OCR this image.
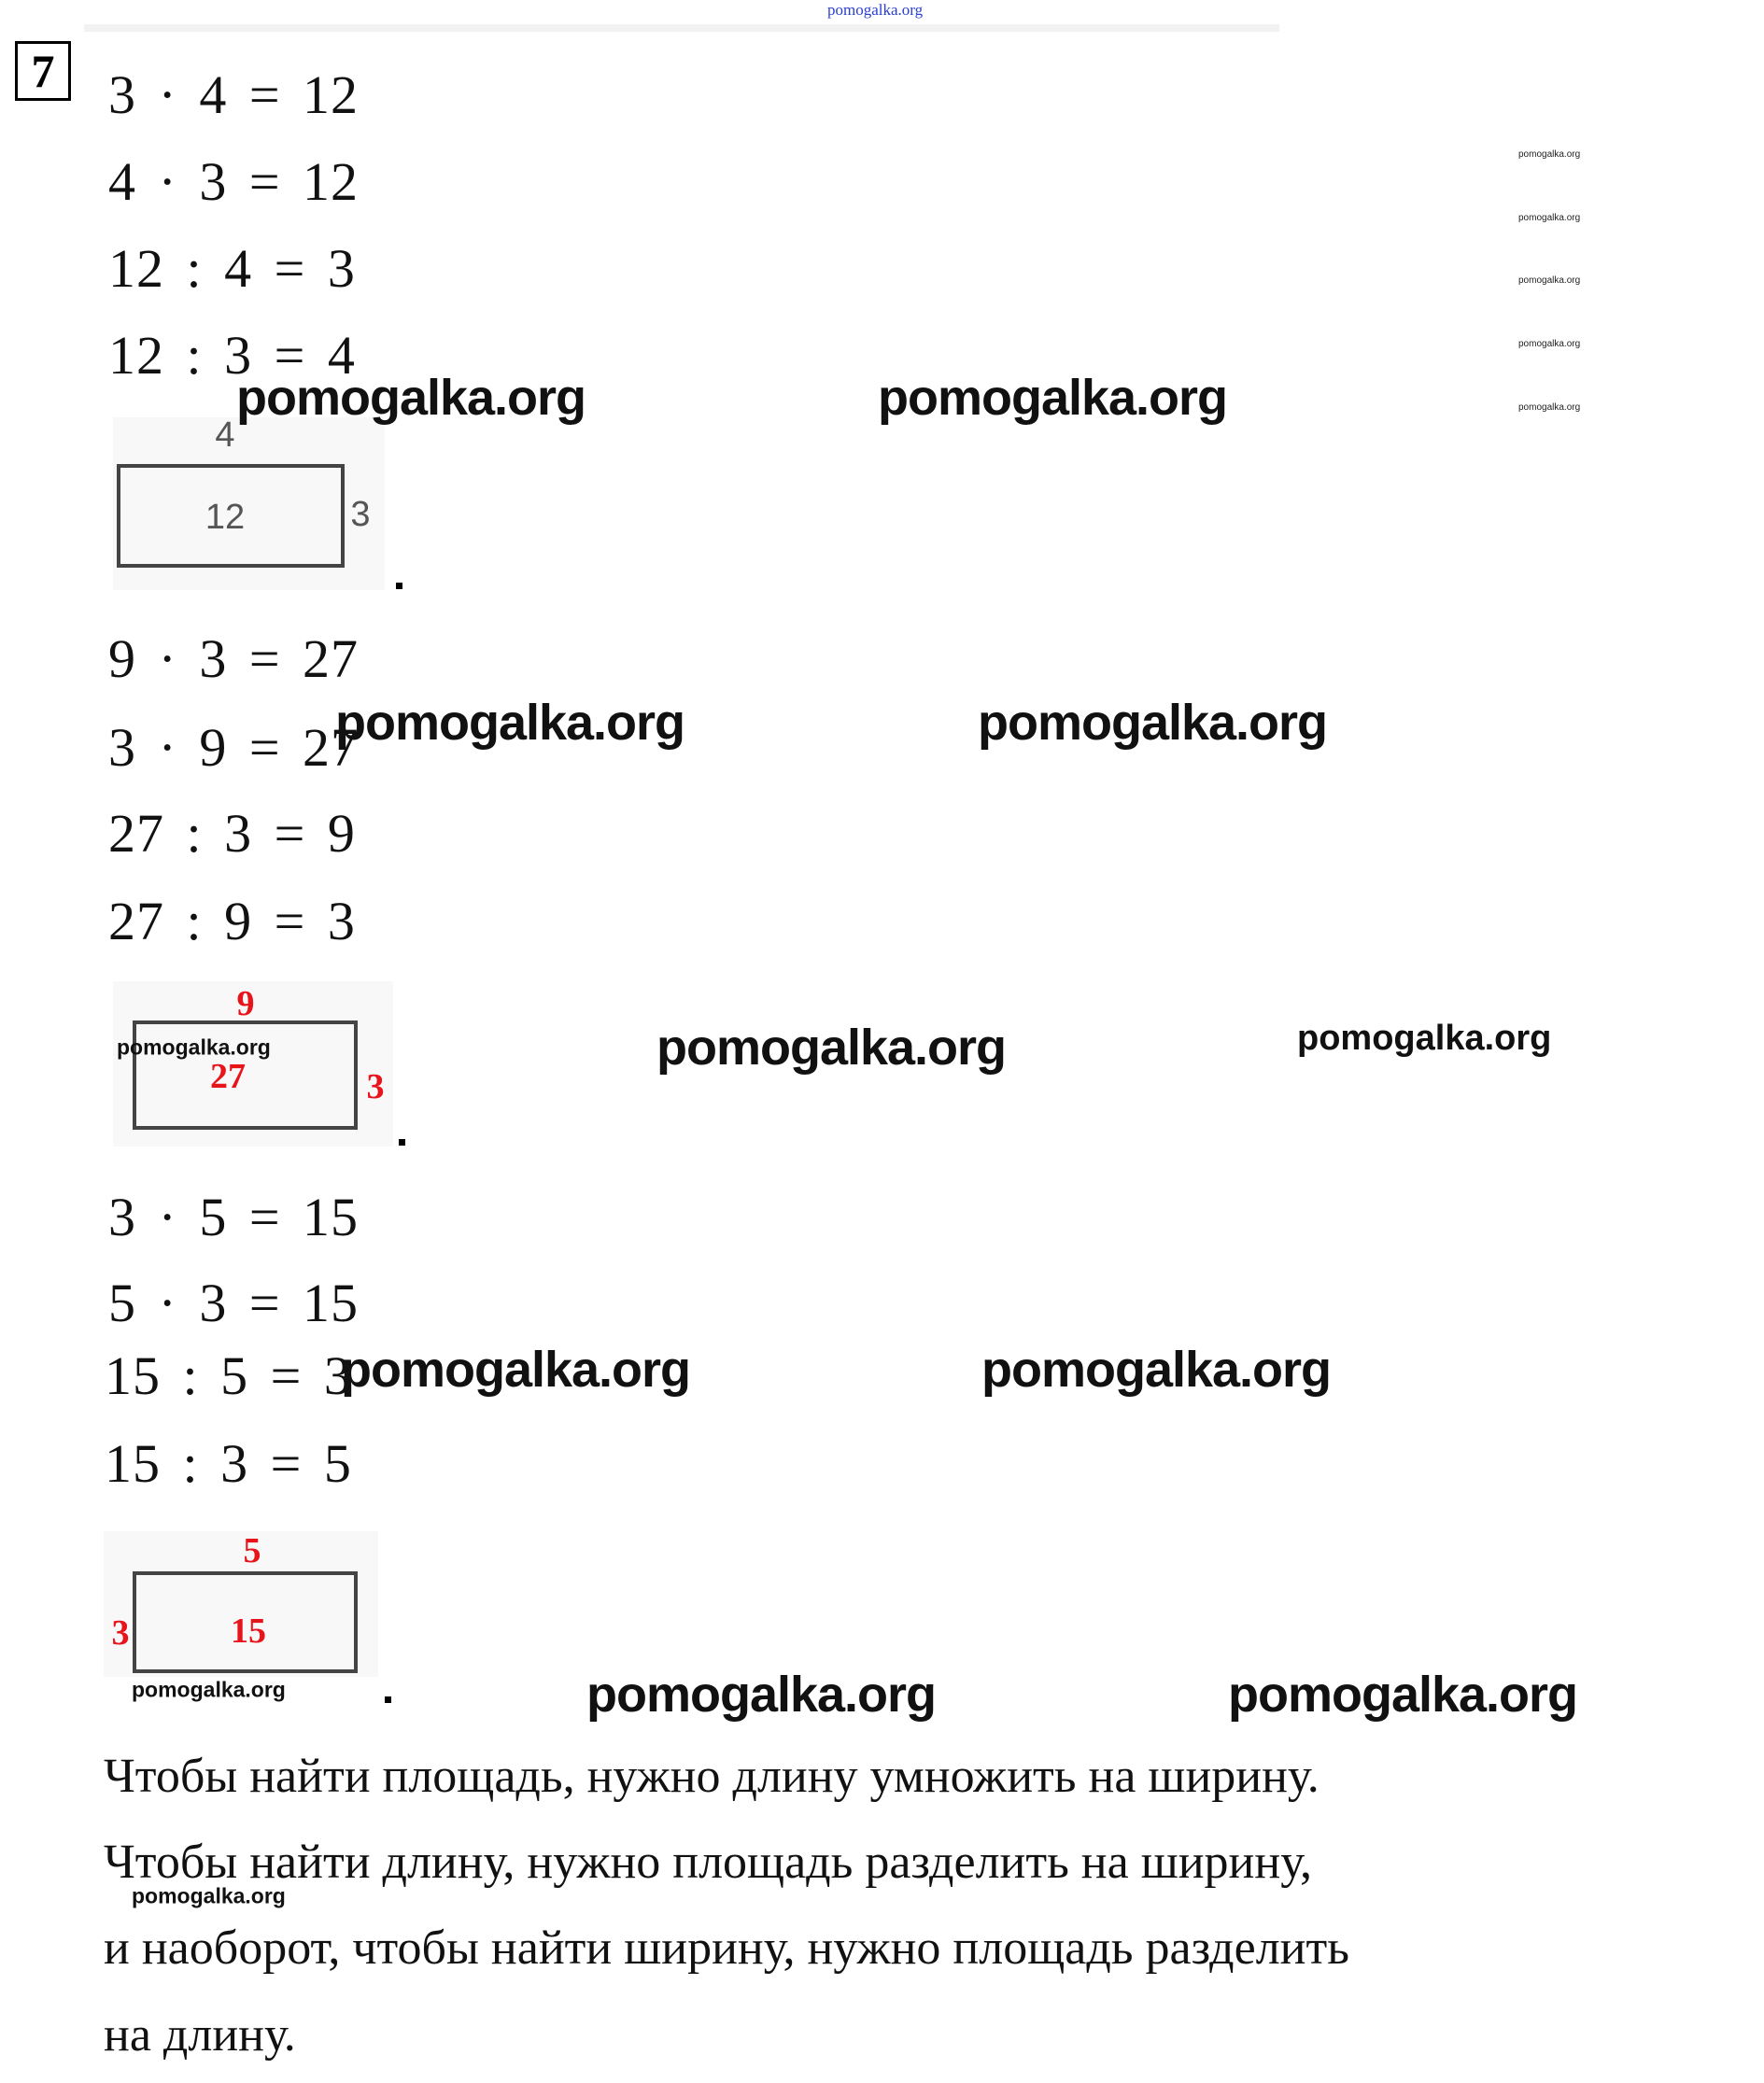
pomogalka.org
7 3 · 4 = 12
4 · 3 = 12
12 : 4 = 3
12 : 3 = 4
pomogalka.org
pomogalka.org
pomogalka.org
pomogalka.org
pomogalka.org
4
12	3
pomogalka.org	pomogalka.org
9 · 3 = 27
3 · 9 = 27
27 : 3 = 9
27 : 9 = 3
pomogalka.org	pomogalka.org
9
27	3
pomogalka.org	pomogalka.org	pomogalka.org
3 · 5 = 15
5 · 3 = 15
15 : 5 = 3
15 : 3 = 5
pomogalka.org	pomogalka.org
5
15
3
pomogalka.org	pomogalka.org	pomogalka.org
Чтобы найти площадь, нужно длину умножить на ширину.
Чтобы найти длину, нужно площадь разделить на ширину,
pomogalka.org
и наоборот, чтобы найти ширину, нужно площадь разделить
на длину.
